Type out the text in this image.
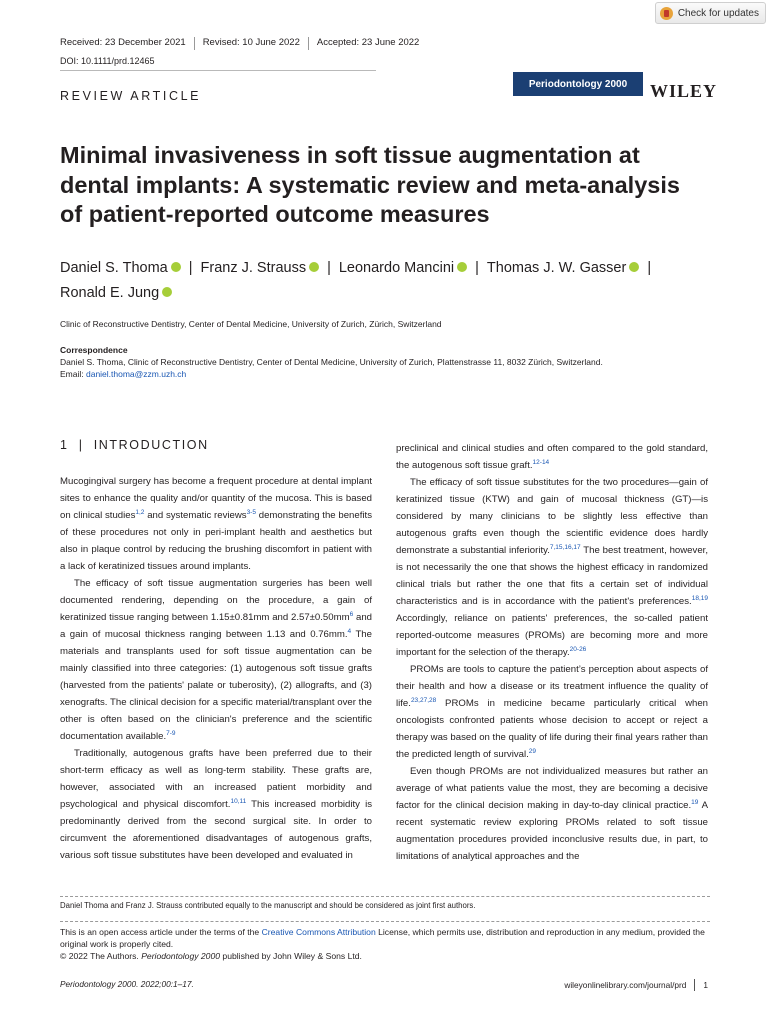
Check for updates
Received: 23 December 2021 Revised: 10 June 2022 Accepted: 23 June 2022
DOI: 10.1111/prd.12465
REVIEW ARTICLE
Periodontology 2000	WILEY
Minimal invasiveness in soft tissue augmentation at dental implants: A systematic review and meta-analysis of patient-reported outcome measures
Daniel S. Thoma | Franz J. Strauss | Leonardo Mancini | Thomas J. W. Gasser |
Ronald E. Jung
Clinic of Reconstructive Dentistry, Center of Dental Medicine, University of Zurich, Zürich, Switzerland
Correspondence
Daniel S. Thoma, Clinic of Reconstructive Dentistry, Center of Dental Medicine, University of Zurich, Plattenstrasse 11, 8032 Zürich, Switzerland.
Email: daniel.thoma@zzm.uzh.ch
1  |  INTRODUCTION

Mucogingival surgery has become a frequent procedure at dental implant sites to enhance the quality and/or quantity of the mucosa. This is based on clinical studies$^{1,2}$ and systematic reviews$^{3-5}$ demonstrating the benefits of these procedures not only in peri-implant health and aesthetics but also in plaque control by reducing the brushing discomfort in patient with a lack of keratinized tissues around implants.

The efficacy of soft tissue augmentation surgeries has been well documented rendering, depending on the procedure, a gain of keratinized tissue ranging between 1.15±0.81mm and $2.57\pm 0.50mm^6$ and a gain of mucosal thickness ranging between 1.13 and 0.76mm.$^4$ The materials and transplants used for soft tissue augmentation can be mainly classified into three categories: (1) autogenous soft tissue grafts (harvested from the patients' palate or tuberosity), (2) allografts, and (3) xenografts. The clinical decision for a specific material/transplant over the other is often based on the clinician's preference and the scientific documentation available.$^{7-9}$

Traditionally, autogenous grafts have been preferred due to their short-term efficacy as well as long-term stability. These grafts are, however, associated with an increased patient morbidity and psychological and physical discomfort.$^{10,11}$ This increased morbidity is predominantly derived from the second surgical site. In order to circumvent the aforementioned disadvantages of autogenous grafts, various soft tissue substitutes have been developed and evaluated in

preclinical and clinical studies and often compared to the gold standard, the autogenous soft tissue graft.$^{12-14}$

The efficacy of soft tissue substitutes for the two procedures—gain of keratinized tissue (KTW) and gain of mucosal thickness (GT)—is considered by many clinicians to be slightly less effective than autogenous grafts even though the scientific evidence does hardly demonstrate a substantial inferiority.$^{7,15,16,17}$ The best treatment, however, is not necessarily the one that shows the highest efficacy in randomized clinical trials but rather the one that fits a certain set of individual characteristics and is in accordance with the patient's preferences.$^{18,19}$ Accordingly, reliance on patients' preferences, the so-called patient reported-outcome measures (PROMs) are becoming more and more important for the selection of the therapy.$^{20-26}$

PROMs are tools to capture the patient’s perception about aspects of their health and how a disease or its treatment influence the quality of life.$^{23,27,28}$ PROMs in medicine became particularly critical when oncologists confronted patients whose decision to accept or reject a therapy was based on the quality of life during their final years rather than the predicted length of survival.$^{29}$

Even though PROMs are not individualized measures but rather an average of what patients value the most, they are becoming a decisive factor for the clinical decision making in day-to-day clinical practice.$^{19}$ A recent systematic review exploring PROMs related to soft tissue augmentation procedures provided inconclusive results due, in part, to limitations of analytical approaches and the

Daniel Thoma and Franz J. Strauss contributed equally to the manuscript and should be considered as joint first authors.
This is an open access article under the terms of the Creative Commons Attribution License, which permits use, distribution and reproduction in any medium, provided the original work is properly cited.
© 2022 The Authors. Periodontology 2000 published by John Wiley & Sons Ltd.
Periodontology 2000. 2022;00:1–17.	wileyonlinelibrary.com/journal/prd 1
